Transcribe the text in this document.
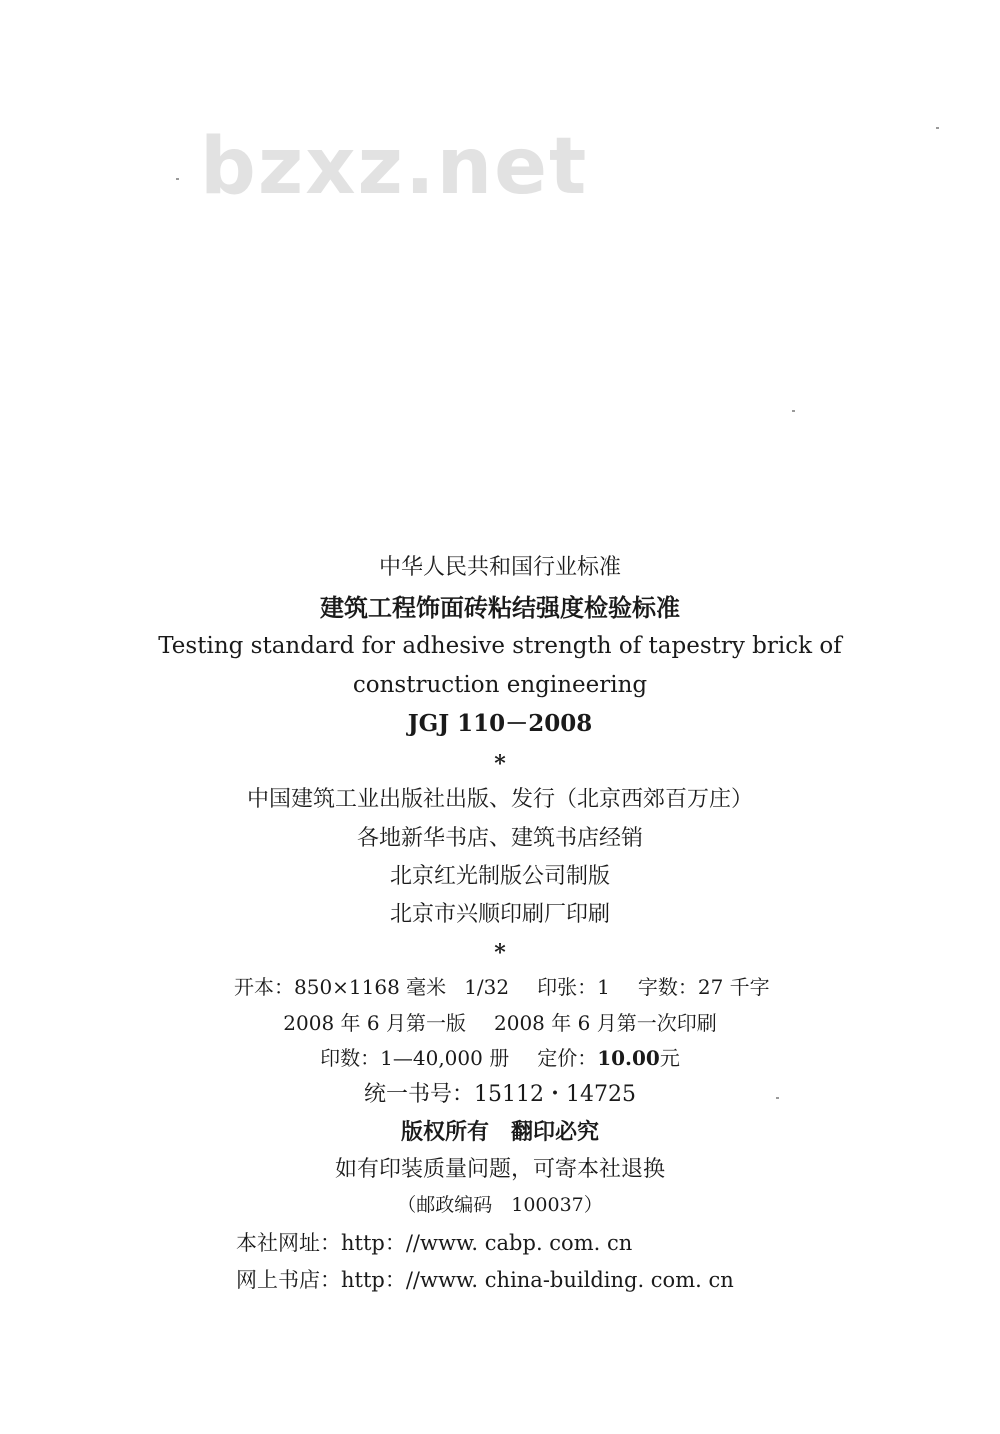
bzxz.net
中华人民共和国行业标准
建筑工程饰面砖粘结强度检验标准
Testing standard for adhesive strength of tapestry brick of
construction engineering
JGJ 110－2008
*
中国建筑工业出版社出版、发行（北京西郊百万庄）
各地新华书店、建筑书店经销
北京红光制版公司制版
北京市兴顺印刷厂印刷
*
开本：850×1168 毫米 1/32 印张：1 字数：27 千字
2008 年 6 月第一版 2008 年 6 月第一次印刷
印数：1—40,000 册 定价：10.00元
统一书号：15112・14725
版权所有　翻印必究
如有印装质量问题，可寄本社退换
（邮政编码　100037）
本社网址：http：//www. cabp. com. cn
网上书店：http：//www. china-building. com. cn
